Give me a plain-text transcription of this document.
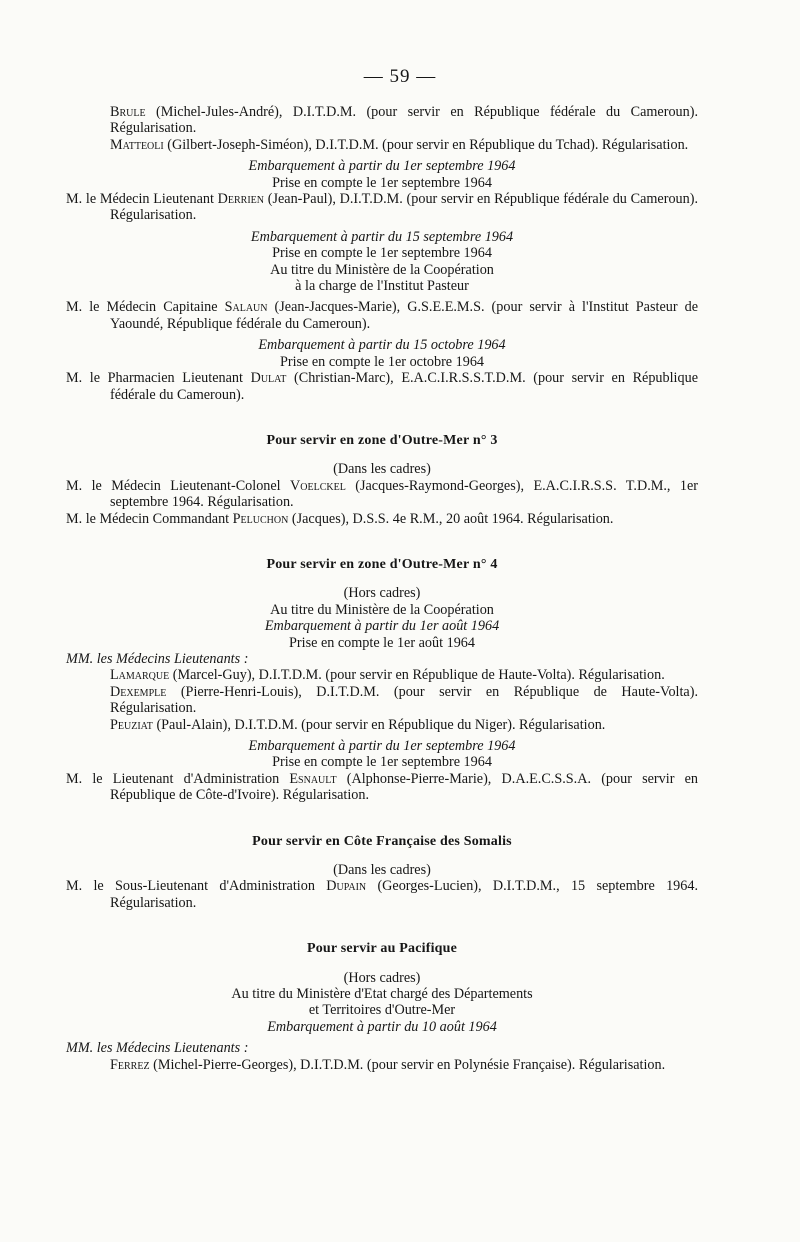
— 59 —
Brule (Michel-Jules-André), D.I.T.D.M. (pour servir en République fédérale du Cameroun). Régularisation.
Matteoli (Gilbert-Joseph-Siméon), D.I.T.D.M. (pour servir en République du Tchad). Régularisation.
Embarquement à partir du 1er septembre 1964
Prise en compte le 1er septembre 1964
M. le Médecin Lieutenant Derrien (Jean-Paul), D.I.T.D.M. (pour servir en République fédérale du Cameroun). Régularisation.
Embarquement à partir du 15 septembre 1964
Prise en compte le 1er septembre 1964
Au titre du Ministère de la Coopération
à la charge de l'Institut Pasteur
M. le Médecin Capitaine Salaun (Jean-Jacques-Marie), G.S.E.E.M.S. (pour servir à l'Institut Pasteur de Yaoundé, République fédérale du Cameroun).
Embarquement à partir du 15 octobre 1964
Prise en compte le 1er octobre 1964
M. le Pharmacien Lieutenant Dulat (Christian-Marc), E.A.C.I.R.S.S.T.D.M. (pour servir en République fédérale du Cameroun).
Pour servir en zone d'Outre-Mer n° 3
(Dans les cadres)
M. le Médecin Lieutenant-Colonel Voelckel (Jacques-Raymond-Georges), E.A.C.I.R.S.S. T.D.M., 1er septembre 1964. Régularisation.
M. le Médecin Commandant Peluchon (Jacques), D.S.S. 4e R.M., 20 août 1964. Régularisation.
Pour servir en zone d'Outre-Mer n° 4
(Hors cadres)
Au titre du Ministère de la Coopération
Embarquement à partir du 1er août 1964
Prise en compte le 1er août 1964
MM. les Médecins Lieutenants :
Lamarque (Marcel-Guy), D.I.T.D.M. (pour servir en République de Haute-Volta). Régularisation.
Dexemple (Pierre-Henri-Louis), D.I.T.D.M. (pour servir en République de Haute-Volta). Régularisation.
Peuziat (Paul-Alain), D.I.T.D.M. (pour servir en République du Niger). Régularisation.
Embarquement à partir du 1er septembre 1964
Prise en compte le 1er septembre 1964
M. le Lieutenant d'Administration Esnault (Alphonse-Pierre-Marie), D.A.E.C.S.S.A. (pour servir en République de Côte-d'Ivoire). Régularisation.
Pour servir en Côte Française des Somalis
(Dans les cadres)
M. le Sous-Lieutenant d'Administration Dupain (Georges-Lucien), D.I.T.D.M., 15 septembre 1964. Régularisation.
Pour servir au Pacifique
(Hors cadres)
Au titre du Ministère d'Etat chargé des Départements
et Territoires d'Outre-Mer
Embarquement à partir du 10 août 1964
MM. les Médecins Lieutenants :
Ferrez (Michel-Pierre-Georges), D.I.T.D.M. (pour servir en Polynésie Française). Régularisation.
